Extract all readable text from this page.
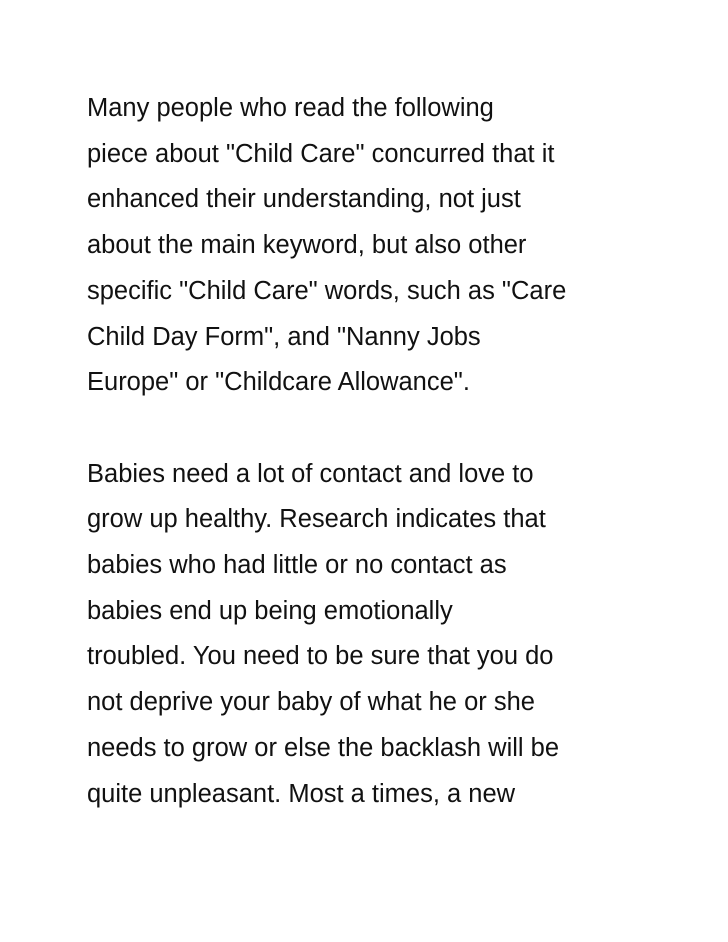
Many people who read the following
piece about "Child Care" concurred that it
enhanced their understanding, not just
about the main keyword, but also other
specific "Child Care" words, such as "Care
Child Day Form", and "Nanny Jobs
Europe" or "Childcare Allowance".

Babies need a lot of contact and love to
grow up healthy. Research indicates that
babies who had little or no contact as
babies end up being emotionally
troubled. You need to be sure that you do
not deprive your baby of what he or she
needs to grow or else the backlash will be
quite unpleasant. Most a times, a new
